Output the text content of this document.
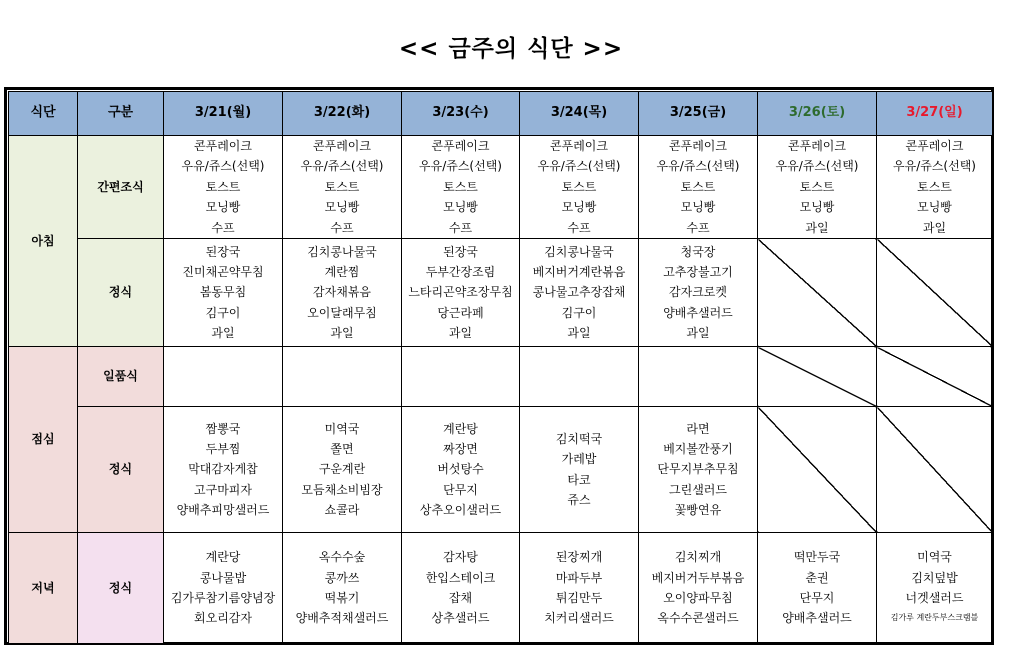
<< 금주의 식단 >>
식단	구분	3/21(월)	3/22(화)	3/23(수)	3/24(목)	3/25(금)	3/26(토)	3/27(일)
아침	간편조식	콘푸레이크
우유/쥬스(선택)
토스트
모닝빵
수프	콘푸레이크
우유/쥬스(선택)
토스트
모닝빵
수프	콘푸레이크
우유/쥬스(선택)
토스트
모닝빵
수프	콘푸레이크
우유/쥬스(선택)
토스트
모닝빵
수프	콘푸레이크
우유/쥬스(선택)
토스트
모닝빵
수프	콘푸레이크
우유/쥬스(선택)
토스트
모닝빵
과일	콘푸레이크
우유/쥬스(선택)
토스트
모닝빵
과일

	정식	된장국
진미채곤약무침
봄동무침
김구이
과일	김치콩나물국
계란찜
감자채볶음
오이달래무침
과일	된장국
두부간장조림
느타리곤약조장무침
당근라페
과일	김치콩나물국
베지버거계란볶음
콩나물고추장잡채
김구이
과일	청국장
고추장불고기
감자크로켓
양배추샐러드
과일		

점심	일품식							
	정식	짬뽕국
두부찜
막대감자게찹
고구마피자
양배추피망샐러드	미역국
쫄면
구운계란
모듬채소비빔장
쇼콜라	계란탕
짜장면
버섯탕수
단무지
상추오이샐러드	김치떡국
가레밥
타코
쥬스	라면
베지볼깐풍기
단무지부추무침
그린샐러드
꽃빵연유		

저녁	정식	계란당
콩나물밥
김가루참기름양념장
회오리감자	옥수수숲
콩까쓰
떡볶기
양배추적채샐러드	감자탕
한입스테이크
잡채
상추샐러드	된장찌개
마파두부
튀김만두
치커리샐러드	김치찌개
베지버거두부볶음
오이양파무침
옥수수콘샐러드	떡만두국
춘권
단무지
양배추샐러드	미역국
김치덮밥
너겟샐러드
김가루 계란두부스크램블
